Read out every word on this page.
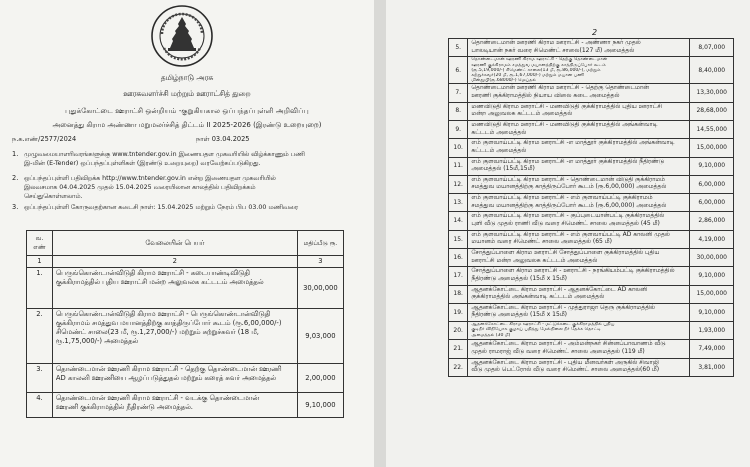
தமிழ்நாடு அரசு
ஊரகவளர்ச்சி மற்றும் ஊராட்சித் துறை
புதுக்கோட்டை ஊராட்சி ஒன்றியம் -குறுகியகால ஒப்பந்தப்புள்ளி அறிவிப்பு
அனைத்து கிராம அண்ணா மறுமலர்ச்சித் திட்டம் II 2025-2026 (இரண்டு உறையுறை)
ந.க.எண்/2577/2024	நாள் 03.04.2025
1. முழுவமையாளரிவரங்களுக்கு www.tntender.gov.in இணையதள முகவரியில் விழ்க்காணும் பணி
இ-மின் (E-Tender) ஒப்பந்தப்புள்ளிகள் (இரண்டு உறையுறை) வரவேற்கப்படுகிறது.
2. ஒப்பந்தப்புள்ளி பதிவிறக்க http://www.tntender.gov.in என்ற இணையதள முகவரியில்
இலவசமாக 04.04.2025 முதல் 15.04.2025 வரையிலான காலத்தில் பதிவிறக்கம்
செய்துகொள்ளலாம்.
3. ஒப்பந்தப்புள்ளி கோருவதற்கான கடைசி நாள்: 15.04.2025 மற்றும் நேரம் பிப 03.00 மணிவரை
வ. எண்	வேலையின் பெயர்	மதிப்பீடு ரூ.
1	2	3
1.	பெருங்கொண்டான்விடுதி கிராம ஊராட்சி - கடையாண்டிவிடுதி
குக்கிராமத்தில் புதிய ஊராட்சி மன்ற அலுவலக கட்டடம் அமைத்தல்	30,00,000
2.	பெருங்கொண்டான்விடுதி கிராம ஊராட்சி - பெருங்கொண்டான்விடுதி
குக்கிராமம் சமத்துவ மயானத்திற்கு காத்திருப்போர் கூடம் (ரூ.6,00,000/-)
சிமெண்ட் சாலை(23 மீ, ரூ.1,27,000/-) மற்றும் சுற்றுச்சுவர் (18 மீ,
ரூ.1,75,000/-) அமைத்தல்	9,03,000
3.	தொண்டைமான் ஊரணி கிராம ஊராட்சி - தெற்கு தொண்டைமான் ஊரணி
AD காலனி ஊரணியை ஆழப்படுத்துதல் மற்றும் கரைத் சுவர் அமைத்தல்	2,00,000
4.	தொண்டைமான் ஊரணி கிராம ஊராட்சி - வடக்கு தொண்டைமான்
ஊரணி குக்கிராமத்தில் நீதிரண்டு அமைத்தல்.	9,10,000
2
5.	தொண்டைமான் ஊரணி கிராம ஊராட்சி - அண்ணா நகர் முதல்
பாலடியான் நகர் வரை சிமெண்ட் சாலை(127 மீ) அமைத்தல்	8,07,000
6.	தொண்டைமான் ஊரணி கிராம ஊராட்சி - தெற்கு தொண்டைமான்
ஊரணி குக்கிராமம் சமத்துவ மயானத்திற்கு காத்திருப்போர் கூடம்
(ரூ.5,19,000/-) சிமெண்ட் சாலை(13 மீ, ரூ.86,000/-), மற்றும்
சுற்றுச்சுவர்(20 மீ, ரூ.1,67,000/-) மற்றும் மயான பணி
மின்தூபி(ரூ.68000/-) மெய்தல்	8,40,000
7.	தொண்டைமான் ஊரணி கிராம ஊராட்சி - தெற்கு தொண்டைமான்
ஊரணி குக்கிராமத்தில் நியாய விலை கடை அமைத்தல்	13,30,000
8.	மணவிடுதி கிராம ஊராட்சி - மணவிடுதி குக்கிராமத்தில் புதிய ஊராட்சி
மன்ற அலுவலக கட்டடம் அமைத்தல்	28,68,000
9.	மணவிடுதி கிராம ஊராட்சி - மணவிடுதி குக்கிராமத்தில் அங்கன்வாடி
கட்டடம் அமைத்தல்	14,55,000
10.	எம் குளவாய்பட்டி கிராம ஊராட்சி -எ மாத்தூர் குக்கிராமத்தில் அங்கன்வாடி
கட்டடம் அமைத்தல்	15,00,000
11.	எம் குளவாய்பட்டி கிராம ஊராட்சி -எ மாத்தூர் குக்கிராமத்தில் நீதிரண்டு
அமைத்தல் (15மீ,15மீ)	9,10,000
12.	எம் குளவாய்பட்டி கிராம ஊராட்சி - தொண்டைமான் விடுதி குக்கிராமம்
சமத்துவ மயானத்திற்கு காத்திருப்போர் கூடம் (ரூ.6,00,000) அமைத்தல்	6,00,000
13.	எம் குளவாய்பட்டி கிராம ஊராட்சி - எம் குளவாய்பட்டி குக்கிராமம்
சமத்துவ மயானத்திற்கு காத்திருப்போர் கூடம் (ரூ.6,00,000) அமைத்தல்	6,00,000
14.	எம் குளவாய்பட்டி கிராம ஊராட்சி - குப்புடையான்பட்டி குக்கிராமத்தில்
புளி வீடு முதல் ராணி வீடு வரை சிமெண்ட் சாலை அமைத்தல் (45 மீ)	2,86,000
15.	எம் குளவாய்பட்டி கிராம ஊராட்சி - எம் குளவாய்பட்டி AD காலனி முதல்
மயானம் வரை சிமெண்ட் சாலை அமைத்தல் (65 மீ)	4,19,000
16.	சோத்துப்பாளை கிராம ஊராட்சி சோத்துப்பாளை குக்கிராமத்தில் புதிய
ஊராட்சி மன்ற அலுவலக கட்டடம் அமைத்தல்	30,00,000
17.	சோத்துப்பாளை கிராம ஊராட்சி - ஊராட்சி - நரங்கியம்பட்டி குக்கிராமத்தில்
நீதிரண்டு அமைத்தல் (15மீ x 15மீ)	9,10,000
18.	ஆதனக்கோட்டை கிராம ஊராட்சி - ஆதனக்கோட்டை AD காலனி
குக்கிராமத்தில் அங்கன்வாடி கட்டடம் அமைத்தல்	15,00,000
19.	ஆதனக்கோட்டை கிராம ஊராட்சி - முத்துராஜா தெரு குக்கிராமத்தில்
நீதிரண்டு அமைத்தல் (15மீ x 15மீ)	9,10,000
20.	ஆதனக்கோட்டை கிராம ஊராட்சி - மட்டுக்கடை குக்கிராமத்தில் புதிய
குடிநீர் விநியோக குழாய் பதித்து மேல்நிலை நீர் தேக்க தொட்டி
அமைத்தல் (30 மீ)	1,93,000
21.	ஆதனக்கோட்டை கிராம ஊராட்சி - அம்மன்நகர் சின்னப்பாவாணம் வீடு
முதல் ராமராஜ் வீடு வரை சிமெண்ட் சாலை அமைத்தல் (119 மீ)	7,49,000
22.	ஆதனக்கோட்டை கிராம ஊராட்சி - புதிய மீனவர்கள் அருகில் சிவாஜி
வீடு முதல் பெட்ரோல் வீடு வரை சிமெண்ட் சாலை அமைத்தல்(60 மீ)	3,81,000
